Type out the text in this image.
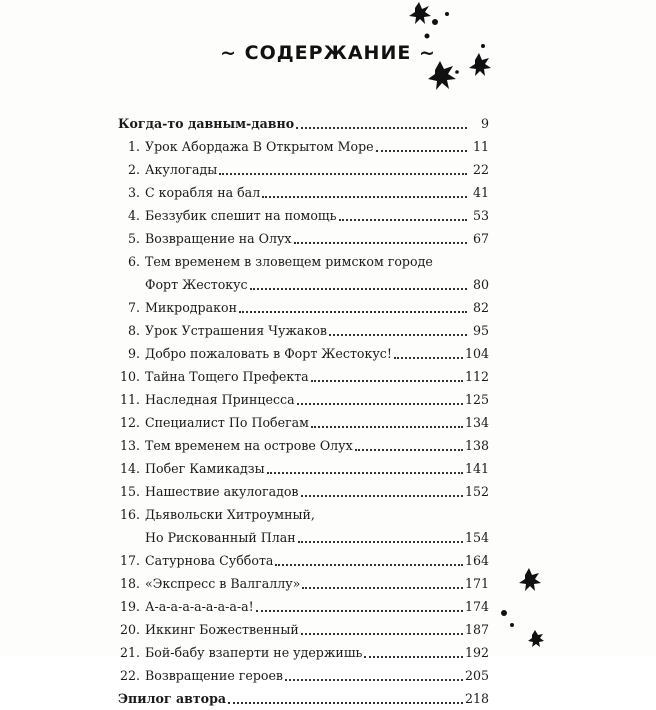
~ СОДЕРЖАНИЕ ~
Когда-то давным-давно	9
1. Урок Абордажа В Открытом Море	11
2. Акулогады	22
3. С корабля на бал	41
4. Беззубик спешит на помощь	53
5. Возвращение на Олух	67
6. Тем временем в зловещем римском городе
Форт Жестокус	80
7. Микродракон	82
8. Урок Устрашения Чужаков	95
9. Добро пожаловать в Форт Жестокус!	104
10. Тайна Тощего Префекта	112
11. Наследная Принцесса	125
12. Специалист По Побегам	134
13. Тем временем на острове Олух	138
14. Побег Камикадзы	141
15. Нашествие акулогадов	152
16. Дьявольски Хитроумный,
Но Рискованный План	154
17. Сатурнова Суббота	164
18. «Экспресс в Валгаллу»	171
19. А-а-а-а-а-а-а-а-а!	174
20. Иккинг Божественный	187
21. Бой-бабу взаперти не удержишь	192
22. Возвращение героев	205
Эпилог автора	218
